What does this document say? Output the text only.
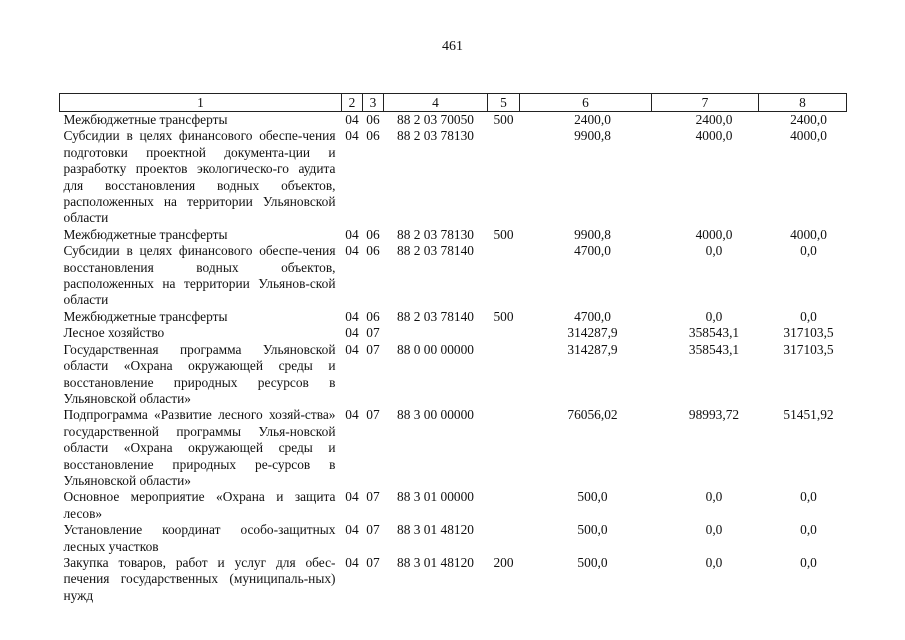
461
1	2	3	4	5	6	7	8
Межбюджетные трансферты	04	06	88 2 03 70050	500	2400,0	2400,0	2400,0
Субсидии в целях финансового обеспе-чения подготовки проектной документа-ции и разработку проектов экологическо-го аудита для восстановления водных объектов, расположенных на территории Ульяновской области	04	06	88 2 03 78130		9900,8	4000,0	4000,0
Межбюджетные трансферты	04	06	88 2 03 78130	500	9900,8	4000,0	4000,0
Субсидии в целях финансового обеспе-чения восстановления водных объектов, расположенных на территории Ульянов-ской области	04	06	88 2 03 78140		4700,0	0,0	0,0
Межбюджетные трансферты	04	06	88 2 03 78140	500	4700,0	0,0	0,0
Лесное хозяйство	04	07			314287,9	358543,1	317103,5
Государственная программа Ульяновской области «Охрана окружающей среды и восстановление природных ресурсов в Ульяновской области»	04	07	88 0 00 00000		314287,9	358543,1	317103,5
Подпрограмма «Развитие лесного хозяй-ства» государственной программы Улья-новской области «Охрана окружающей среды и восстановление природных ре-сурсов в Ульяновской области»	04	07	88 3 00 00000		76056,02	98993,72	51451,92
Основное мероприятие «Охрана и защита лесов»	04	07	88 3 01 00000		500,0	0,0	0,0
Установление координат особо-защитных лесных участков	04	07	88 3 01 48120		500,0	0,0	0,0
Закупка товаров, работ и услуг для обес-печения государственных (муниципаль-ных) нужд	04	07	88 3 01 48120	200	500,0	0,0	0,0
